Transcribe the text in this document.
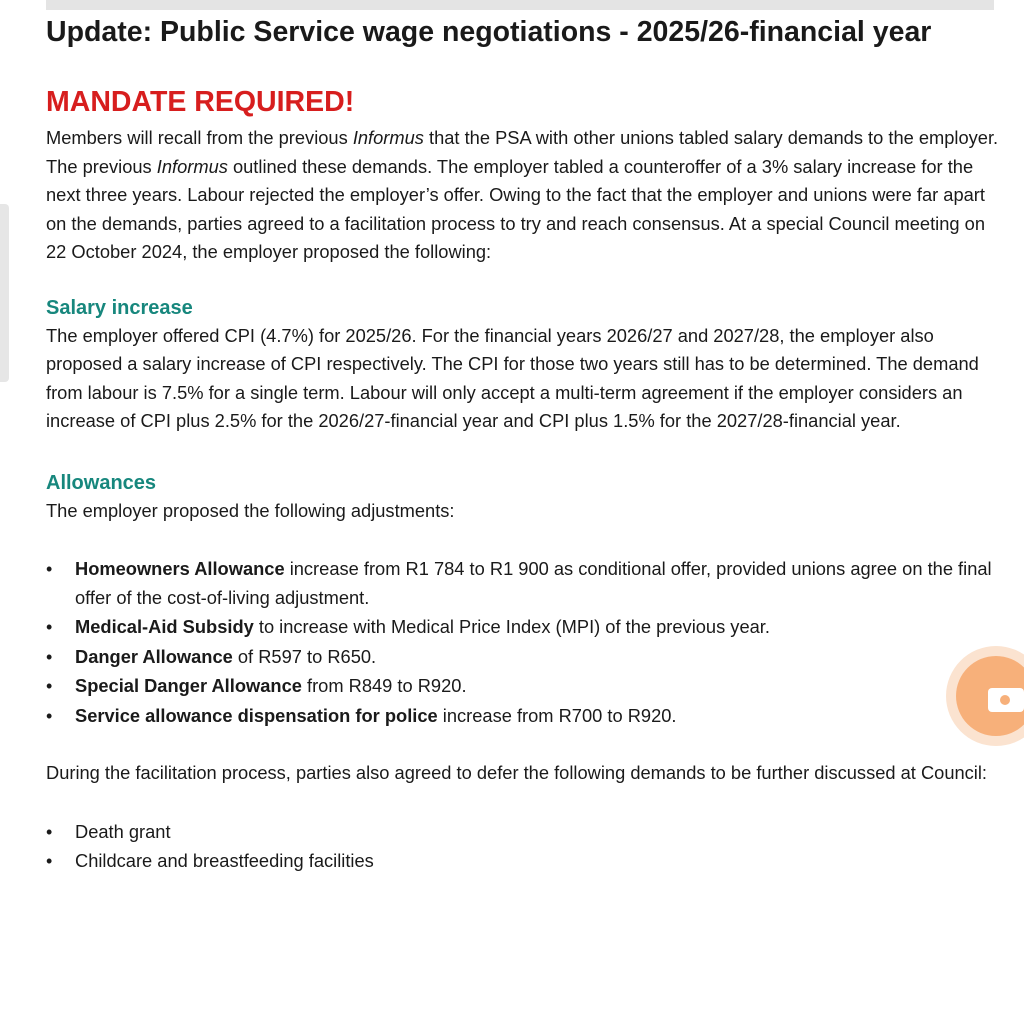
Update: Public Service wage negotiations - 2025/26-financial year
MANDATE REQUIRED!

Members will recall from the previous Informus that the PSA with other unions tabled salary demands to the employer. The previous Informus outlined these demands. The employer tabled a counteroffer of a 3% salary increase for the next three years. Labour rejected the employer’s offer. Owing to the fact that the employer and unions were far apart on the demands, parties agreed to a facilitation process to try and reach consensus. At a special Council meeting on 22 October 2024, the employer proposed the following:

Salary increase

The employer offered CPI (4.7%) for 2025/26. For the financial years 2026/27 and 2027/28, the employer also proposed a salary increase of CPI respectively. The CPI for those two years still has to be determined. The demand from labour is 7.5% for a single term. Labour will only accept a multi-term agreement if the employer considers an increase of CPI plus 2.5% for the 2026/27-financial year and CPI plus 1.5% for the 2027/28-financial year.

Allowances

The employer proposed the following adjustments:

• Homeowners Allowance increase from R1 784 to R1 900 as conditional offer, provided unions agree on the final offer of the cost-of-living adjustment.
• Medical-Aid Subsidy to increase with Medical Price Index (MPI) of the previous year.
• Danger Allowance of R597 to R650.
• Special Danger Allowance from R849 to R920.
• Service allowance dispensation for police increase from R700 to R920.

During the facilitation process, parties also agreed to defer the following demands to be further discussed at Council:

• Death grant
• Childcare and breastfeeding facilities
